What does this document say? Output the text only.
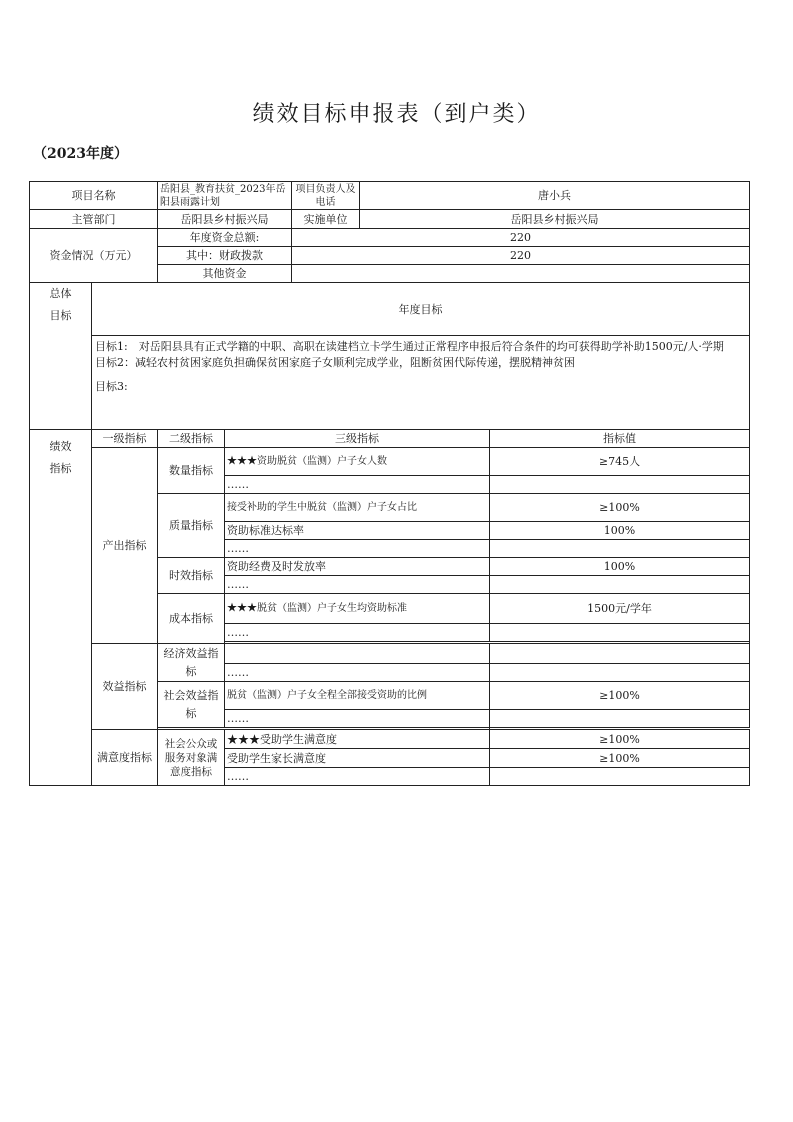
绩效目标申报表（到户类）
（2023年度）
项目名称		岳阳县_教育扶贫_2023年岳阳县雨露计划		项目负责人及电话	唐小兵	
主管部门		岳阳县乡村振兴局		实施单位	岳阳县乡村振兴局	
资金情况（万元）		年度资金总额:		220		
		其中：财政拨款		220		
		其他资金				
总体目标	年度目标					

	目标1:　对岳阳县具有正式学籍的中职、高职在读建档立卡学生通过正常程序申报后符合条件的均可获得助学补助1500元/人·学期
目标2：减轻农村贫困家庭负担确保贫困家庭子女顺利完成学业，阻断贫困代际传递，摆脱精神贫困
目标3:					

绩效指标	一级指标	二级指标	三级指标			指标值
	产出指标	数量指标	★★★资助脱贫（监测）户子女人数			≥745人
			……			
		质量指标	接受补助的学生中脱贫（监测）户子女占比			≥100%
			资助标准达标率			100%
			……			
		时效指标	资助经费及时发放率			100%
			……			
		成本指标	★★★脱贫（监测）户子女生均资助标准			1500元/学年
			……			

	效益指标	经济效益指标				
			……			
		社会效益指标	脱贫（监测）户子女全程全部接受资助的比例			≥100%
			……			

	满意度指标	社会公众或服务对象满意度指标	★★★受助学生满意度			≥100%
			受助学生家长满意度			≥100%
			……			
